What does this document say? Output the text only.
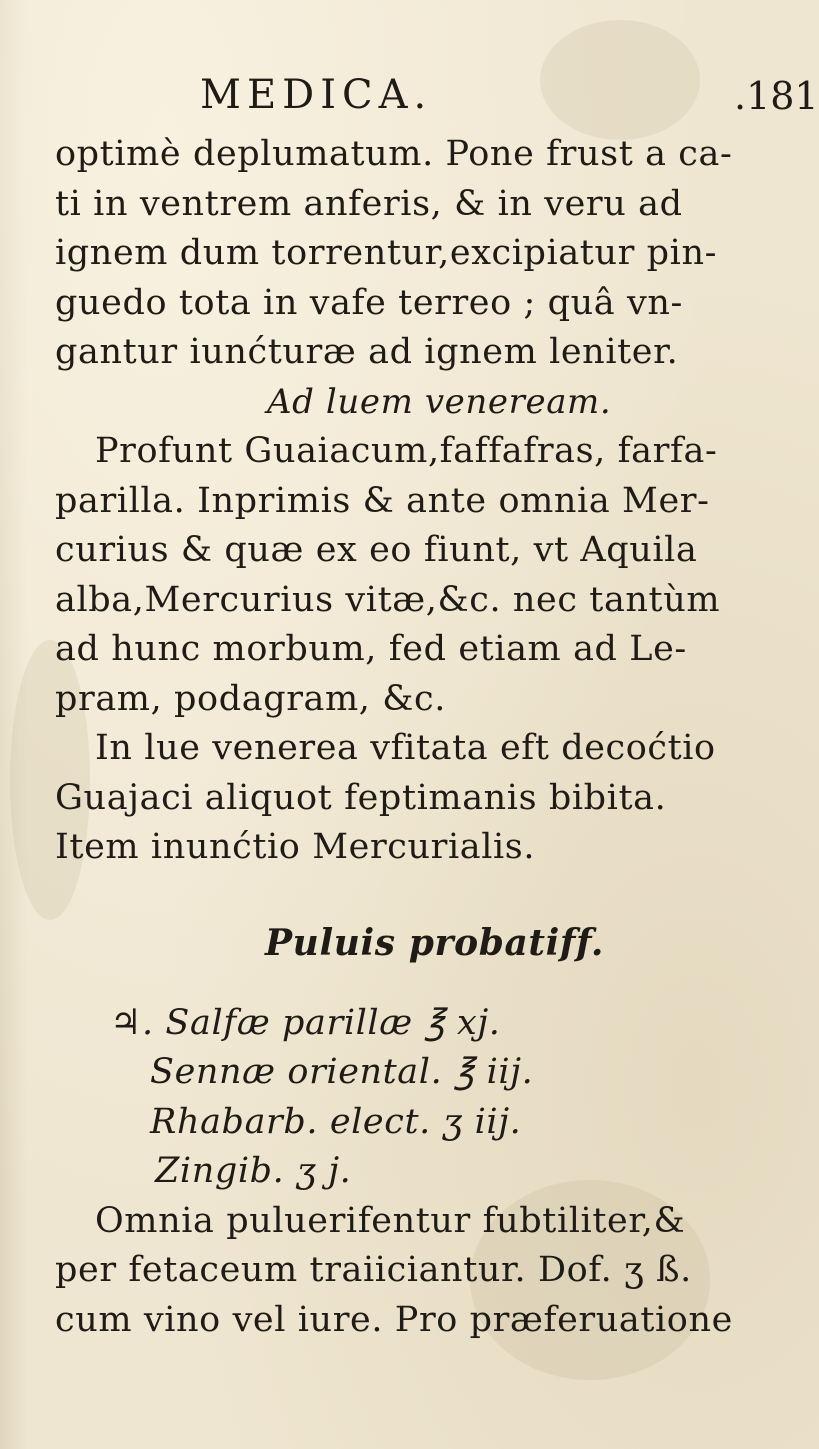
MEDICA.	.181
optimè deplumatum. Pone frust a ca-
ti in ventrem anferis, & in veru ad
ignem dum torrentur,excipiatur pin-
guedo tota in vafe terreo ; quâ vn-
gantur iunćturæ ad ignem leniter.
Ad luem veneream.
Profunt Guaiacum,faffafras, farfa-
parilla. Inprimis & ante omnia Mer-
curius & quæ ex eo fiunt, vt Aquila
alba,Mercurius vitæ,&c. nec tantùm
ad hunc morbum, fed etiam ad Le-
pram, podagram, &c.
In lue venerea vfitata eft decoćtio
Guajaci aliquot feptimanis bibita.
Item inunćtio Mercurialis.
Puluis probatiff.
♃. Salfæ parillæ ℥ xj.
Sennæ oriental. ℥ iij.
Rhabarb. elect. ʒ iij.
Zingib. ʒ j.
Omnia puluerifentur fubtiliter,&
per fetaceum traiiciantur. Dof. ʒ ß.
cum vino vel iure. Pro præferuatione
